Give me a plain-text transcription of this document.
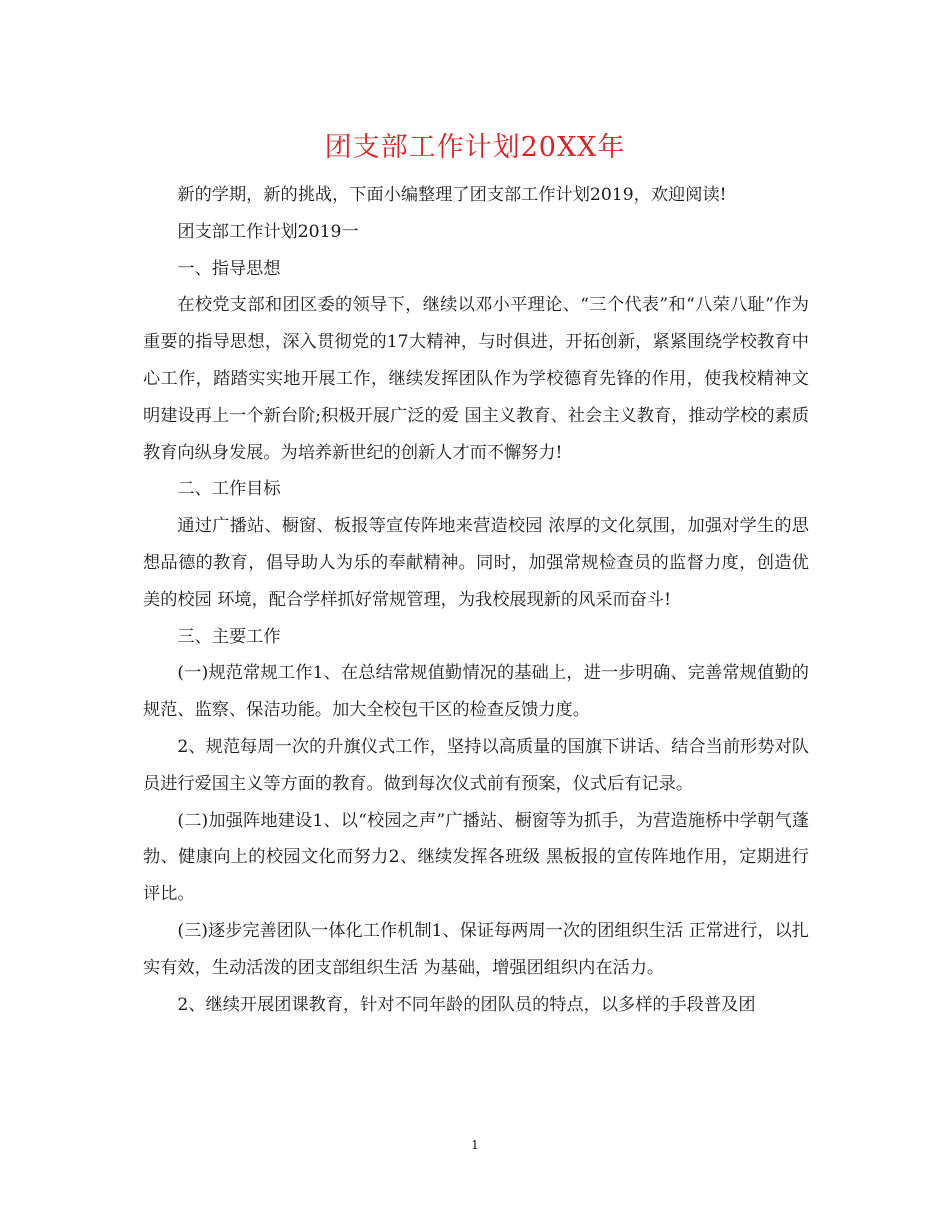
团支部工作计划20XX年

新的学期，新的挑战，下面小编整理了团支部工作计划2019，欢迎阅读!

团支部工作计划2019一

一、指导思想

在校党支部和团区委的领导下，继续以邓小平理论、“三个代表”和“八荣八耻”作为重要的指导思想，深入贯彻党的17大精神，与时俱进，开拓创新，紧紧围绕学校教育中心工作，踏踏实实地开展工作，继续发挥团队作为学校德育先锋的作用，使我校精神文明建设再上一个新台阶;积极开展广泛的爱 国主义教育、社会主义教育，推动学校的素质教育向纵身发展。为培养新世纪的创新人才而不懈努力!

二、工作目标

通过广播站、橱窗、板报等宣传阵地来营造校园 浓厚的文化氛围，加强对学生的思想品德的教育，倡导助人为乐的奉献精神。同时，加强常规检查员的监督力度，创造优美的校园 环境，配合学样抓好常规管理，为我校展现新的风采而奋斗!

三、主要工作

(一)规范常规工作1、在总结常规值勤情况的基础上，进一步明确、完善常规值勤的规范、监察、保洁功能。加大全校包干区的检查反馈力度。

2、规范每周一次的升旗仪式工作，坚持以高质量的国旗下讲话、结合当前形势对队员进行爱国主义等方面的教育。做到每次仪式前有预案，仪式后有记录。

(二)加强阵地建设1、以“校园之声”广播站、橱窗等为抓手，为营造施桥中学朝气蓬勃、健康向上的校园文化而努力2、继续发挥各班级 黑板报的宣传阵地作用，定期进行评比。

(三)逐步完善团队一体化工作机制1、保证每两周一次的团组织生活 正常进行，以扎实有效，生动活泼的团支部组织生活 为基础，增强团组织内在活力。

2、继续开展团课教育，针对不同年龄的团队员的特点，以多样的手段普及团

1
